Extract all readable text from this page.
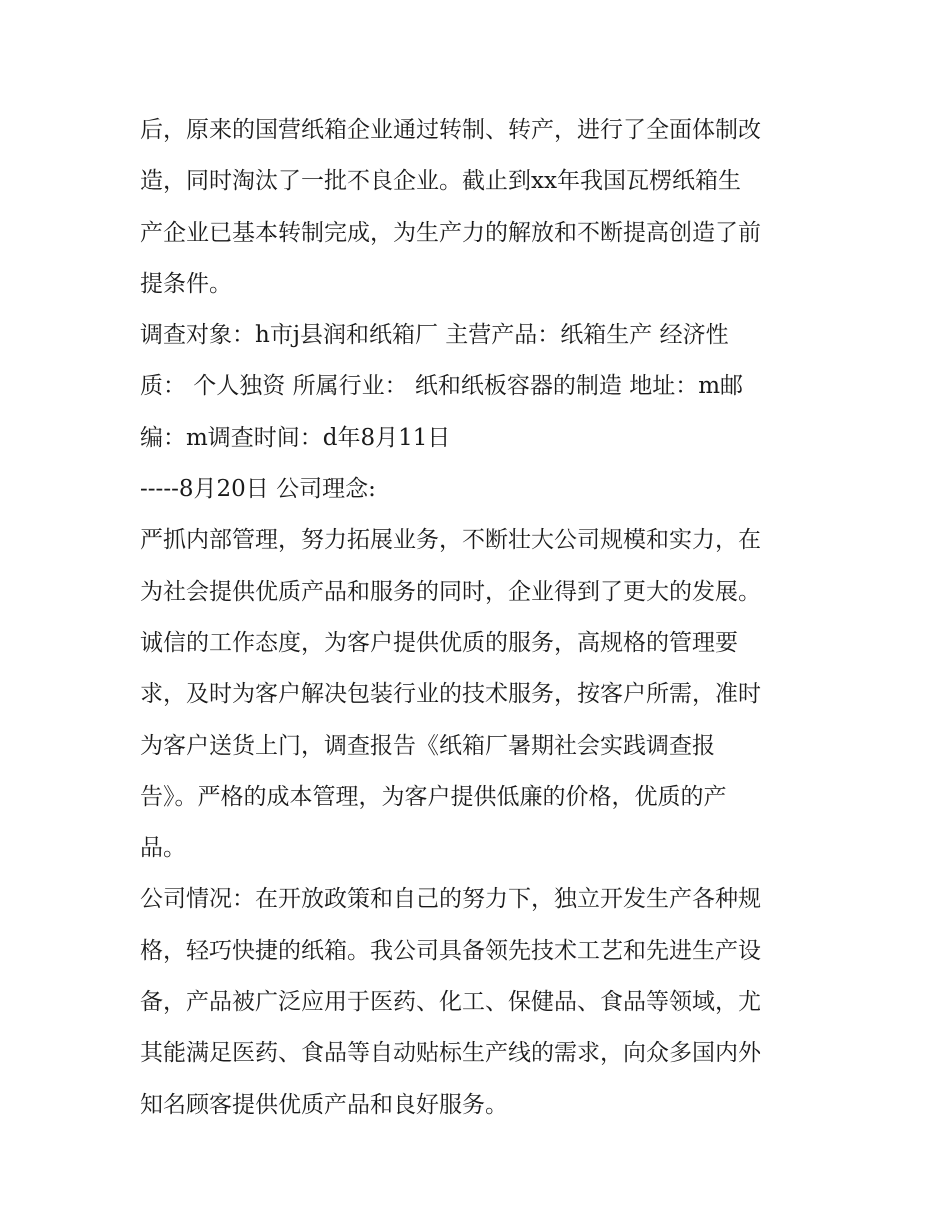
后，原来的国营纸箱企业通过转制、转产，进行了全面体制改
造，同时淘汰了一批不良企业。截止到xx年我国瓦楞纸箱生
产企业已基本转制完成，为生产力的解放和不断提高创造了前
提条件。
调查对象：h市j县润和纸箱厂 主营产品：纸箱生产 经济性
质： 个人独资 所属行业： 纸和纸板容器的制造 地址：m邮
编：m调查时间：d年8月11日
-----8月20日 公司理念:
严抓内部管理，努力拓展业务，不断壮大公司规模和实力，在
为社会提供优质产品和服务的同时，企业得到了更大的发展。
诚信的工作态度，为客户提供优质的服务，高规格的管理要
求，及时为客户解决包装行业的技术服务，按客户所需，准时
为客户送货上门，调查报告《纸箱厂暑期社会实践调查报
告》。严格的成本管理，为客户提供低廉的价格，优质的产
品。
公司情况：在开放政策和自己的努力下，独立开发生产各种规
格，轻巧快捷的纸箱。我公司具备领先技术工艺和先进生产设
备，产品被广泛应用于医药、化工、保健品、食品等领域，尤
其能满足医药、食品等自动贴标生产线的需求，向众多国内外
知名顾客提供优质产品和良好服务。
